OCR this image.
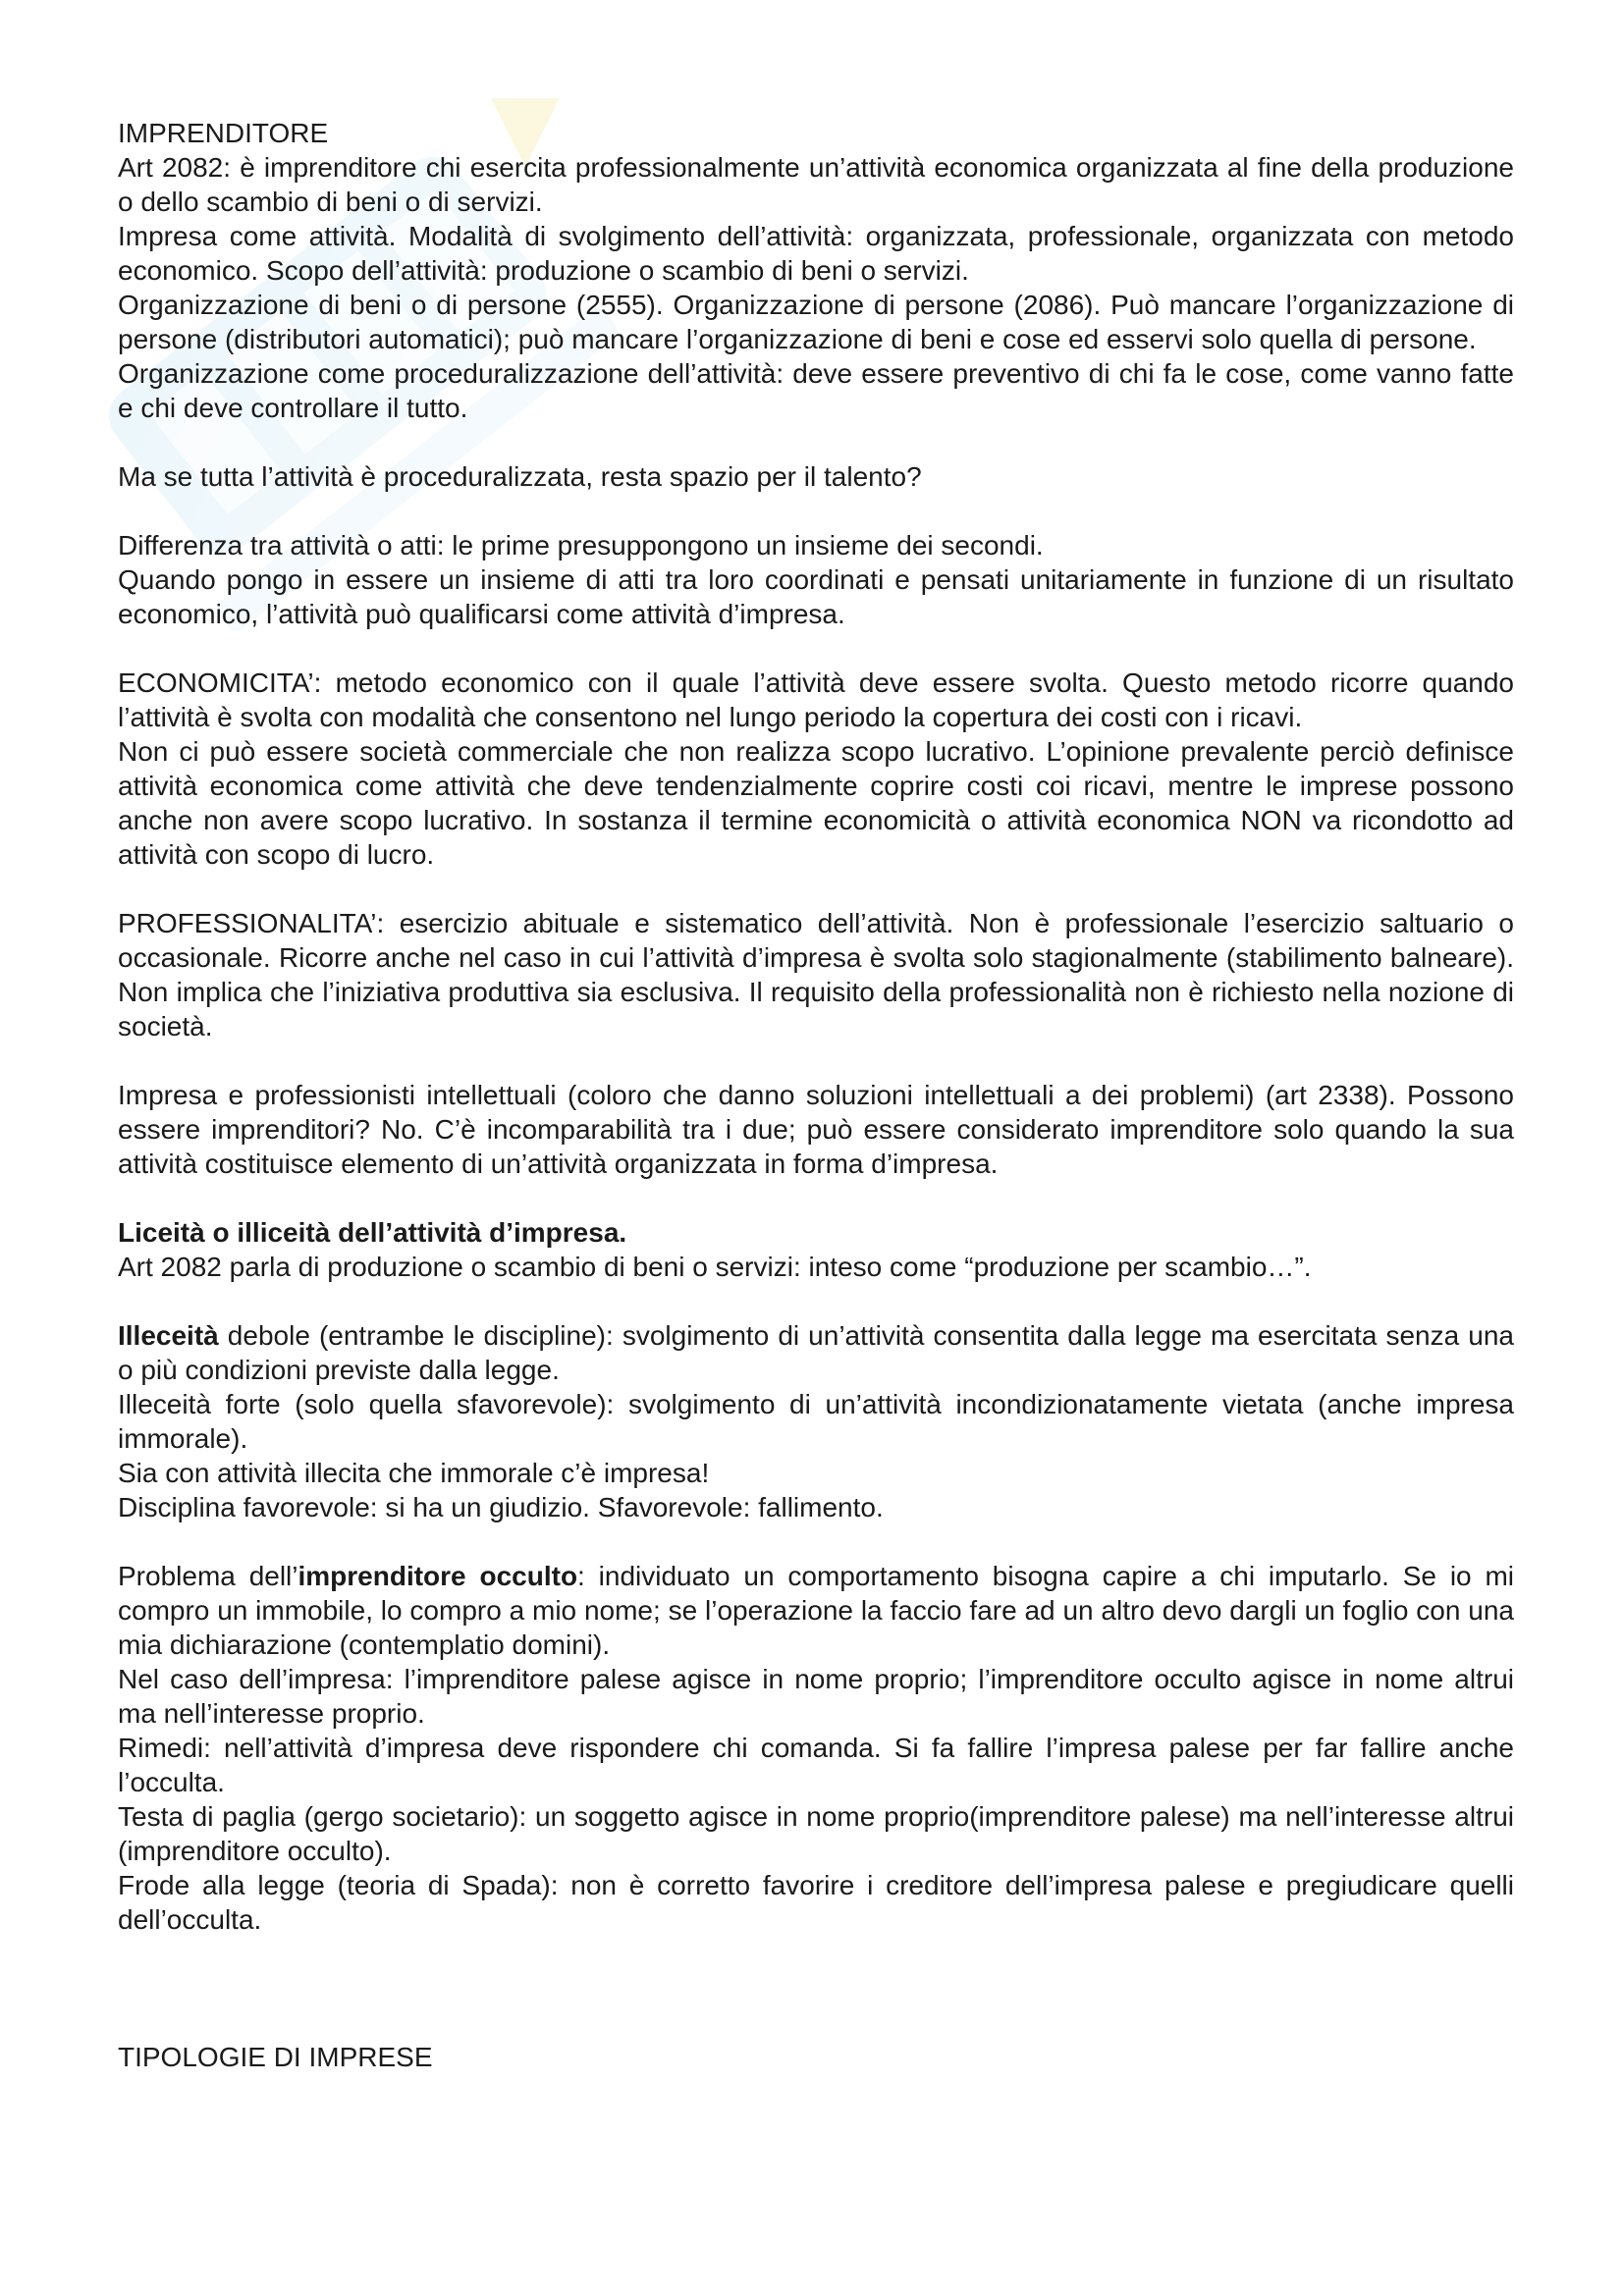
IMPRENDITORE

Art 2082: è imprenditore chi esercita professionalmente un’attività economica organizzata al fine della produzione o dello scambio di beni o di servizi.

Impresa come attività. Modalità di svolgimento dell’attività: organizzata, professionale, organizzata con metodo economico. Scopo dell’attività: produzione o scambio di beni o servizi.

Organizzazione di beni o di persone (2555). Organizzazione di persone (2086). Può mancare l’organizzazione di persone (distributori automatici); può mancare l’organizzazione di beni e cose ed esservi solo quella di persone.

Organizzazione come proceduralizzazione dell’attività: deve essere preventivo di chi fa le cose, come vanno fatte e chi deve controllare il tutto.

Ma se tutta l’attività è proceduralizzata, resta spazio per il talento?

Differenza tra attività o atti: le prime presuppongono un insieme dei secondi.

Quando pongo in essere un insieme di atti tra loro coordinati e pensati unitariamente in funzione di un risultato economico, l’attività può qualificarsi come attività d’impresa.

ECONOMICITA’: metodo economico con il quale l’attività deve essere svolta. Questo metodo ricorre quando l’attività è svolta con modalità che consentono nel lungo periodo la copertura dei costi con i ricavi.

Non ci può essere società commerciale che non realizza scopo lucrativo. L’opinione prevalente perciò definisce attività economica come attività che deve tendenzialmente coprire costi coi ricavi, mentre le imprese possono anche non avere scopo lucrativo. In sostanza il termine economicità o attività economica NON va ricondotto ad attività con scopo di lucro.

PROFESSIONALITA’: esercizio abituale e sistematico dell’attività. Non è professionale l’esercizio saltuario o occasionale. Ricorre anche nel caso in cui l’attività d’impresa è svolta solo stagionalmente (stabilimento balneare). Non implica che l’iniziativa produttiva sia esclusiva. Il requisito della professionalità non è richiesto nella nozione di società.

Impresa e professionisti intellettuali (coloro che danno soluzioni intellettuali a dei problemi) (art 2338). Possono essere imprenditori? No. C’è incomparabilità tra i due; può essere considerato imprenditore solo quando la sua attività costituisce elemento di un’attività organizzata in forma d’impresa.

Liceità o illiceità dell’attività d’impresa.

Art 2082 parla di produzione o scambio di beni o servizi: inteso come “produzione per scambio…”.

Illeceità debole (entrambe le discipline): svolgimento di un’attività consentita dalla legge ma esercitata senza una o più condizioni previste dalla legge.

Illeceità forte (solo quella sfavorevole): svolgimento di un’attività incondizionatamente vietata (anche impresa immorale).

Sia con attività illecita che immorale c’è impresa!

Disciplina favorevole: si ha un giudizio. Sfavorevole: fallimento.

Problema dell’imprenditore occulto: individuato un comportamento bisogna capire a chi imputarlo. Se io mi compro un immobile, lo compro a mio nome; se l’operazione la faccio fare ad un altro devo dargli un foglio con una mia dichiarazione (contemplatio domini).

Nel caso dell’impresa: l’imprenditore palese agisce in nome proprio; l’imprenditore occulto agisce in nome altrui ma nell’interesse proprio.

Rimedi: nell’attività d’impresa deve rispondere chi comanda. Si fa fallire l’impresa palese per far fallire anche l’occulta.

Testa di paglia (gergo societario): un soggetto agisce in nome proprio(imprenditore palese) ma nell’interesse altrui (imprenditore occulto).

Frode alla legge (teoria di Spada): non è corretto favorire i creditore dell’impresa palese e pregiudicare quelli dell’occulta.

TIPOLOGIE DI IMPRESE
